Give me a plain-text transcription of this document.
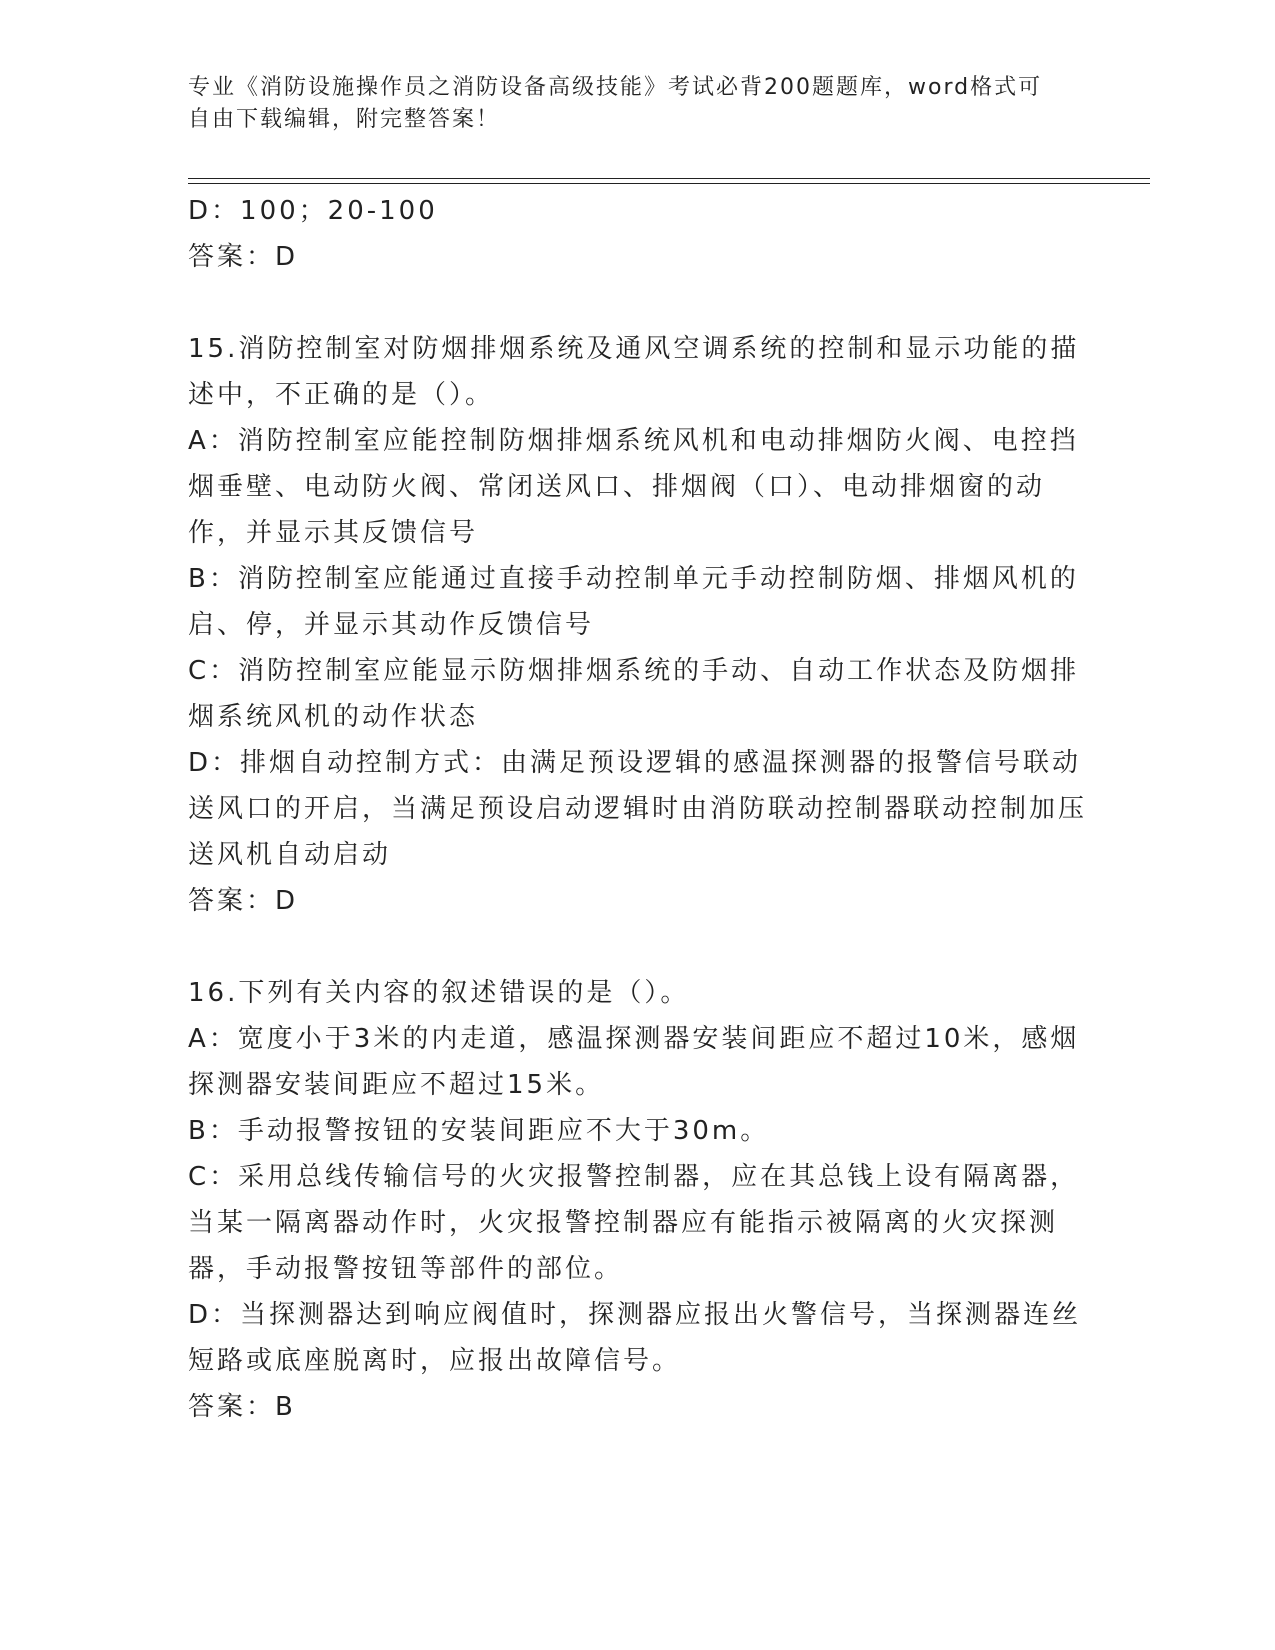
专业《消防设施操作员之消防设备高级技能》考试必背200题题库，word格式可
自由下载编辑，附完整答案！

D：100；20-100

答案：D

15.消防控制室对防烟排烟系统及通风空调系统的控制和显示功能的描述中，不正确的是（）。

A：消防控制室应能控制防烟排烟系统风机和电动排烟防火阀、电控挡烟垂壁、电动防火阀、常闭送风口、排烟阀（口）、电动排烟窗的动作，并显示其反馈信号

B：消防控制室应能通过直接手动控制单元手动控制防烟、排烟风机的启、停，并显示其动作反馈信号

C：消防控制室应能显示防烟排烟系统的手动、自动工作状态及防烟排烟系统风机的动作状态

D：排烟自动控制方式：由满足预设逻辑的感温探测器的报警信号联动送风口的开启，当满足预设启动逻辑时由消防联动控制器联动控制加压送风机自动启动

答案：D

16.下列有关内容的叙述错误的是（）。

A：宽度小于3米的内走道，感温探测器安装间距应不超过10米，感烟探测器安装间距应不超过15米。

B：手动报警按钮的安装间距应不大于30m。

C：采用总线传输信号的火灾报警控制器，应在其总钱上设有隔离器，当某一隔离器动作时，火灾报警控制器应有能指示被隔离的火灾探测器，手动报警按钮等部件的部位。

D：当探测器达到响应阀值时，探测器应报出火警信号，当探测器连丝短路或底座脱离时，应报出故障信号。

答案：B
